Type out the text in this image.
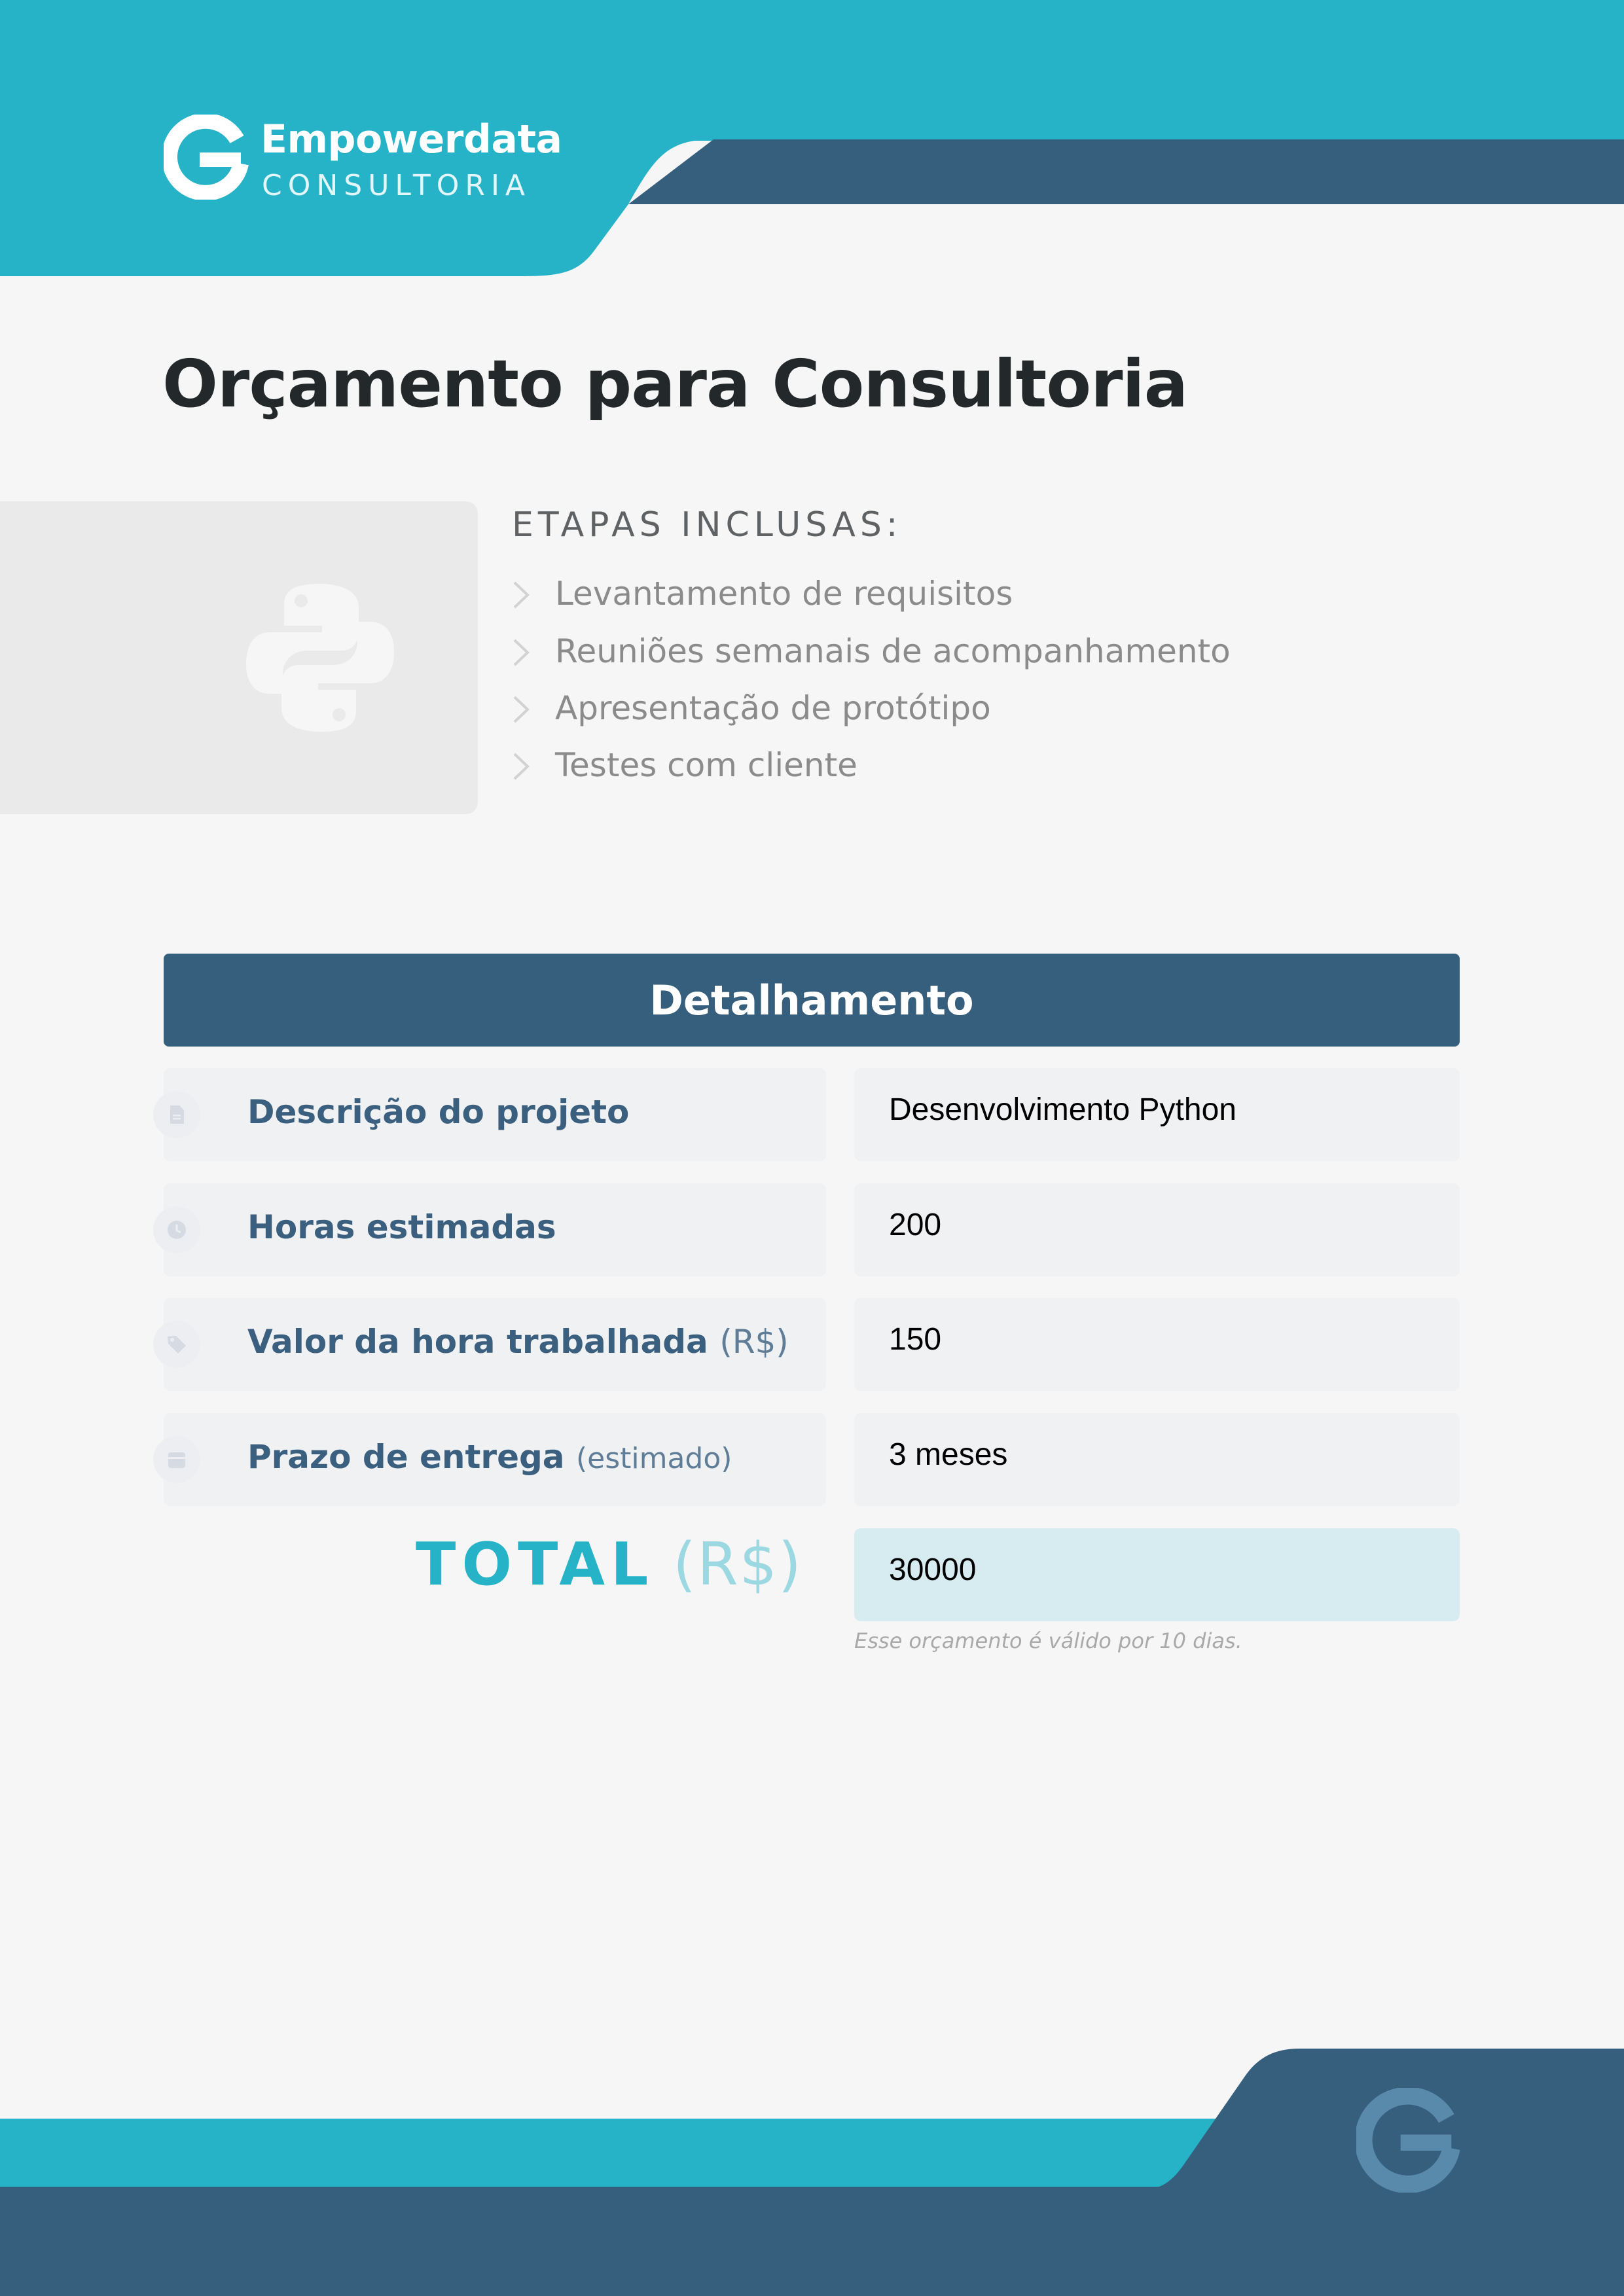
Empowerdata
CONSULTORIA
Orçamento para Consultoria
ETAPAS INCLUSAS:
Levantamento de requisitos
Reuniões semanais de acompanhamento
Apresentação de protótipo
Testes com cliente
Detalhamento
Descrição do projeto	Desenvolvimento Python
Horas estimadas	200
Valor da hora trabalhada (R$)	150
Prazo de entrega (estimado)	3 meses
TOTAL (R$)	30000
Esse orçamento é válido por 10 dias.
